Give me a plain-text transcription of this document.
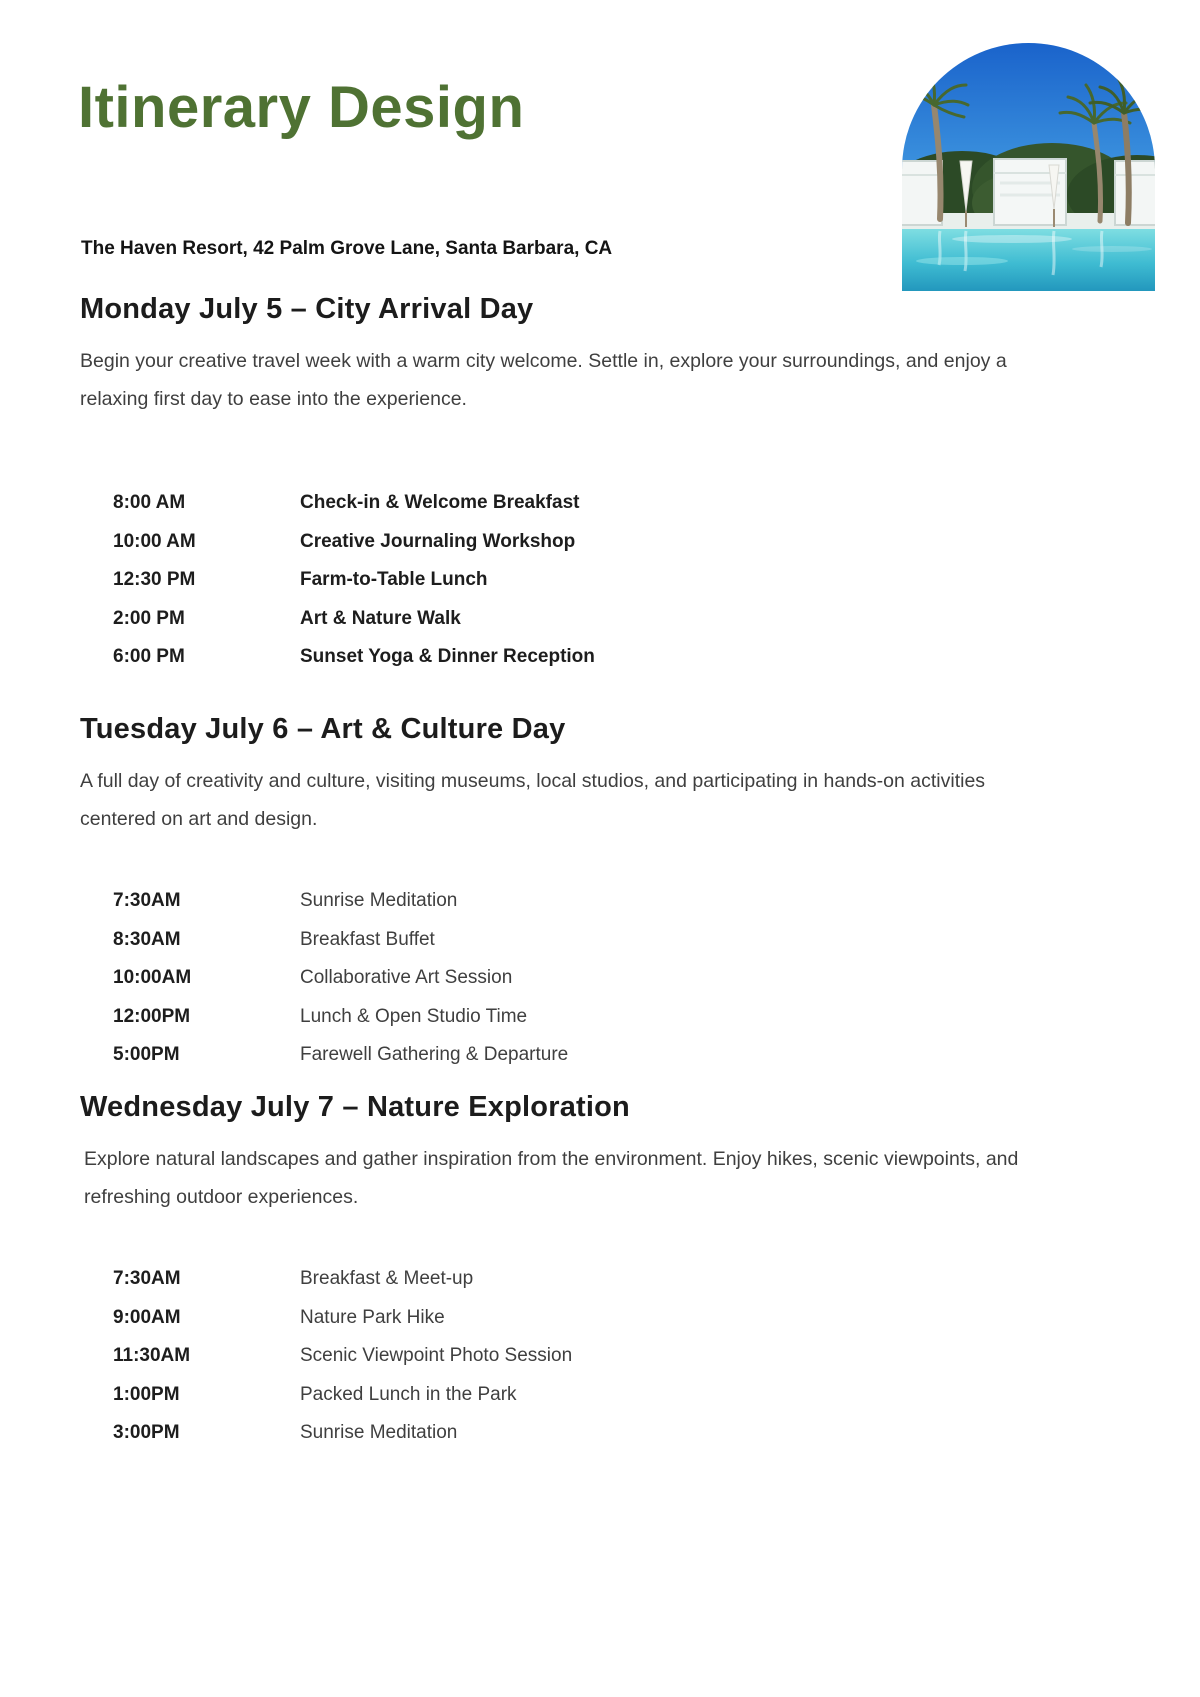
Itinerary Design

The Haven Resort, 42 Palm Grove Lane, Santa Barbara, CA

Monday July 5 – City Arrival Day

Begin your creative travel week with a warm city welcome. Settle in, explore your surroundings, and enjoy a relaxing first day to ease into the experience.

8:00 AM	Check-in & Welcome Breakfast
10:00 AM	Creative Journaling Workshop
12:30 PM	Farm-to-Table Lunch
2:00 PM	Art & Nature Walk
6:00 PM	Sunset Yoga & Dinner Reception
Tuesday July 6 – Art & Culture Day

A full day of creativity and culture, visiting museums, local studios, and participating in hands-on activities centered on art and design.

7:30AM	Sunrise Meditation
8:30AM	Breakfast Buffet
10:00AM	Collaborative Art Session
12:00PM	Lunch & Open Studio Time
5:00PM	Farewell Gathering & Departure
Wednesday July 7 – Nature Exploration

Explore natural landscapes and gather inspiration from the environment. Enjoy hikes, scenic viewpoints, and refreshing outdoor experiences.

7:30AM	Breakfast & Meet-up
9:00AM	Nature Park Hike
11:30AM	Scenic Viewpoint Photo Session
1:00PM	Packed Lunch in the Park
3:00PM	Sunrise Meditation
